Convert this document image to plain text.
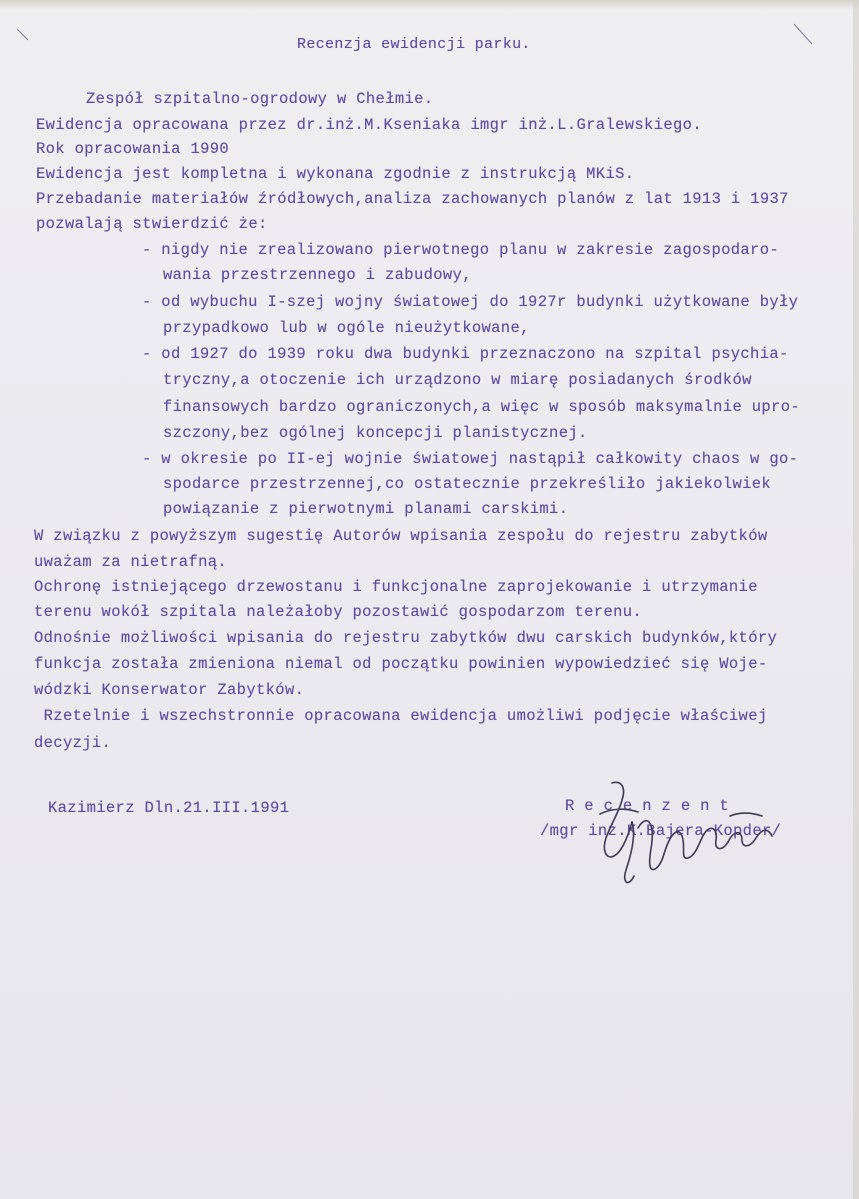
Recenzja ewidencji parku.
Zespół szpitalno-ogrodowy w Chełmie.
Ewidencja opracowana przez dr.inż.M.Kseniaka imgr inż.L.Gralewskiego.
Rok opracowania 1990
Ewidencja jest kompletna i wykonana zgodnie z instrukcją MKiS.
Przebadanie materiałów źródłowych,analiza zachowanych planów z lat 1913 i 1937
pozwalają stwierdzić że:
- nigdy nie zrealizowano pierwotnego planu w zakresie zagospodaro-
wania przestrzennego i zabudowy,
- od wybuchu I-szej wojny światowej do 1927r budynki użytkowane były
przypadkowo lub w ogóle nieużytkowane,
- od 1927 do 1939 roku dwa budynki przeznaczono na szpital psychia-
tryczny,a otoczenie ich urządzono w miarę posiadanych środków
finansowych bardzo ograniczonych,a więc w sposób maksymalnie upro-
szczony,bez ogólnej koncepcji planistycznej.
- w okresie po II-ej wojnie światowej nastąpił całkowity chaos w go-
spodarce przestrzennej,co ostatecznie przekreśliło jakiekolwiek
powiązanie z pierwotnymi planami carskimi.
W związku z powyższym sugestię Autorów wpisania zespołu do rejestru zabytków
uważam za nietrafną.
Ochronę istniejącego drzewostanu i funkcjonalne zaprojekowanie i utrzymanie
terenu wokół szpitala należałoby pozostawić gospodarzom terenu.
Odnośnie możliwości wpisania do rejestru zabytków dwu carskich budynków,który
funkcja została zmieniona niemal od początku powinien wypowiedzieć się Woje-
wódzki Konserwator Zabytków.
Rzetelnie i wszechstronnie opracowana ewidencja umożliwi podjęcie właściwej
decyzji.
Kazimierz Dln.21.III.1991	R e c e n z e n t
/mgr inż.K.Bajera-Kopder/
